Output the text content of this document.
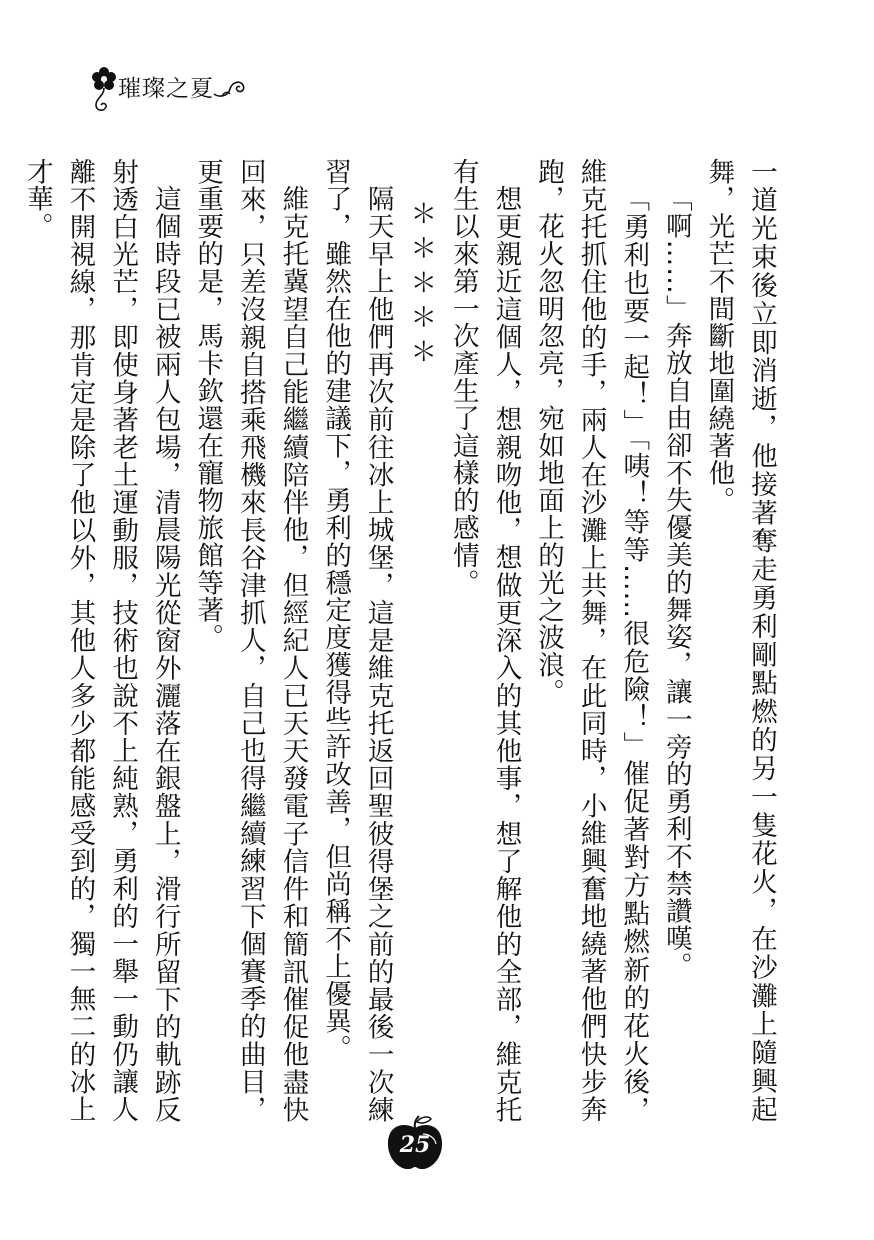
璀璨之夏

一道光束後立即消逝，他接著奪走勇利剛點燃的另一隻花火，在沙灘上隨興起舞，光芒不間斷地圍繞著他。

「啊……」奔放自由卻不失優美的舞姿，讓一旁的勇利不禁讚嘆。

「勇利也要一起！」「咦！等等……很危險！」催促著對方點燃新的花火後，維克托抓住他的手，兩人在沙灘上共舞，在此同時，小維興奮地繞著他們快步奔跑，花火忽明忽亮，宛如地面上的光之波浪。

想更親近這個人，想親吻他，想做更深入的其他事，想了解他的全部，維克托有生以來第一次產生了這樣的感情。

＊＊＊＊＊

隔天早上他們再次前往冰上城堡，這是維克托返回聖彼得堡之前的最後一次練習了，雖然在他的建議下，勇利的穩定度獲得些許改善，但尚稱不上優異。

維克托冀望自己能繼續陪伴他，但經紀人已天天發電子信件和簡訊催促他盡快回來，只差沒親自搭乘飛機來長谷津抓人，自己也得繼續練習下個賽季的曲目，更重要的是，馬卡欽還在寵物旅館等著。

這個時段已被兩人包場，清晨陽光從窗外灑落在銀盤上，滑行所留下的軌跡反射透白光芒，即使身著老土運動服，技術也說不上純熟，勇利的一舉一動仍讓人離不開視線，那肯定是除了他以外，其他人多少都能感受到的，獨一無二的冰上才華。

25
